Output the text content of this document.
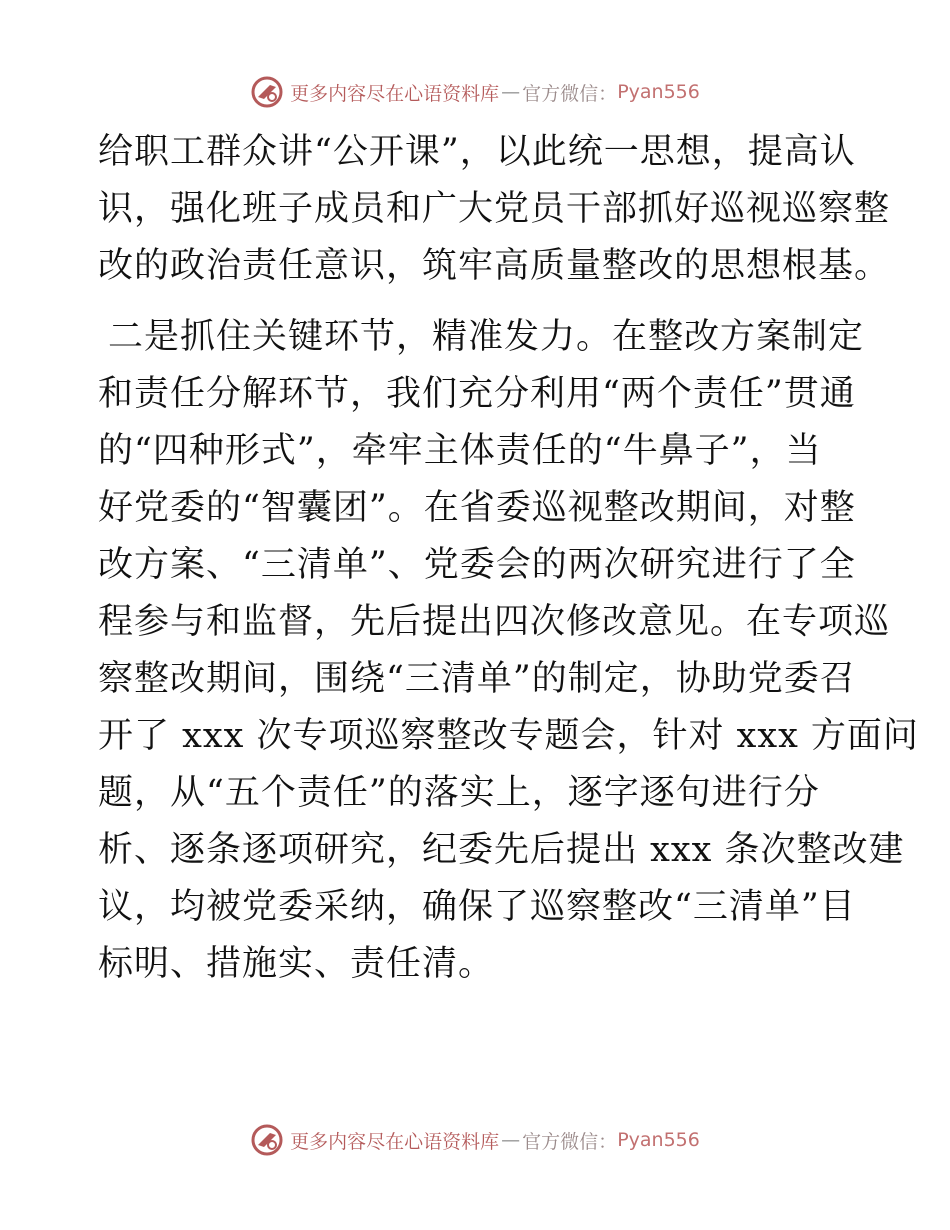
更多内容尽在心语资料库 — 官方微信： Pyan556
给职工群众讲“公开课”，以此统一思想，提高认
识，强化班子成员和广大党员干部抓好巡视巡察整
改的政治责任意识，筑牢高质量整改的思想根基。
二是抓住关键环节，精准发力。在整改方案制定
和责任分解环节，我们充分利用“两个责任”贯通
的“四种形式”，牵牢主体责任的“牛鼻子”，当
好党委的“智囊团”。在省委巡视整改期间，对整
改方案、“三清单”、党委会的两次研究进行了全
程参与和监督，先后提出四次修改意见。在专项巡
察整改期间，围绕“三清单”的制定，协助党委召
开了 xxx 次专项巡察整改专题会，针对 xxx 方面问
题，从“五个责任”的落实上，逐字逐句进行分
析、逐条逐项研究，纪委先后提出 xxx 条次整改建
议，均被党委采纳，确保了巡察整改“三清单”目
标明、措施实、责任清。
更多内容尽在心语资料库 — 官方微信： Pyan556
